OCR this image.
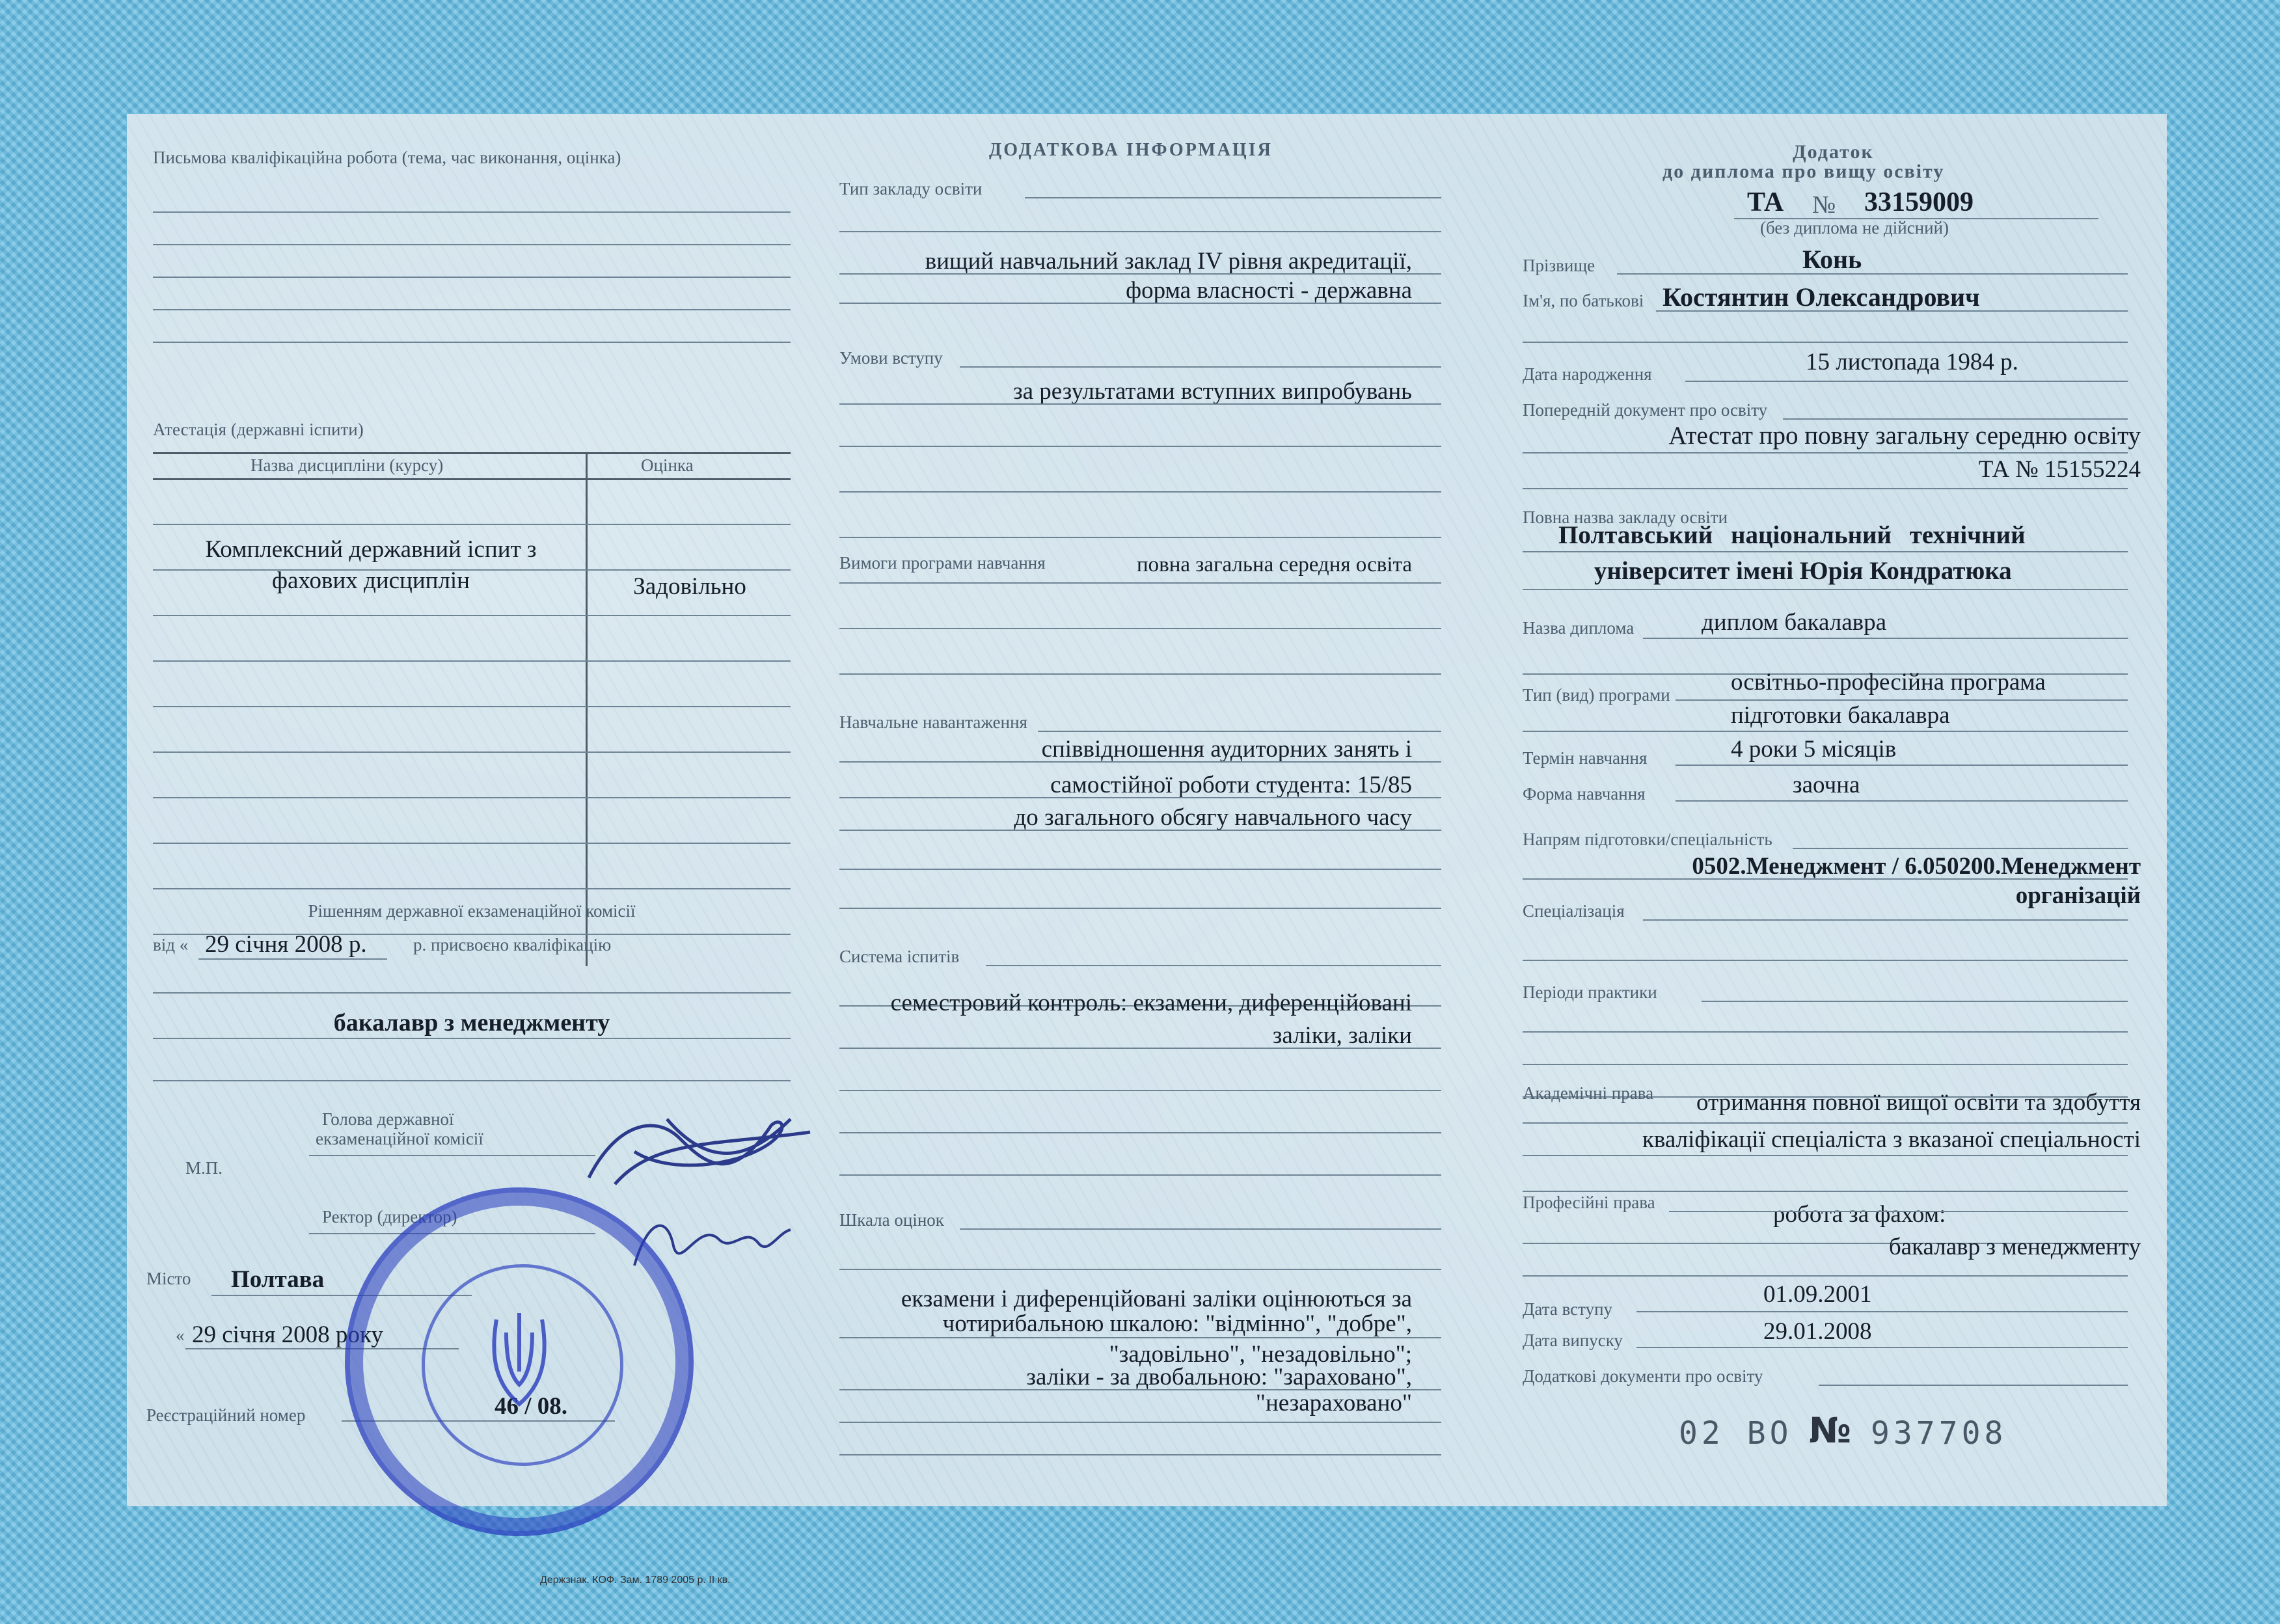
ДОДАТКОВА ІНФОРМАЦІЯ	Додаток
до диплома про вищу освіту
ТА № 33159009
(без диплома не дійсний)
Письмова кваліфікаційна робота (тема, час виконання, оцінка)
Атестація (державні іспити)
Назва дисципліни (курсу)	Оцінка
Комплексний державний іспит з
фахових дисциплін	Задовільно
Рішенням державної екзаменаційної комісії
від « 29 січня 2008 р.	р. присвоєно кваліфікацію
бакалавр з менеджменту
Голова державної
екзаменаційної комісії
М.П.
Ректор (директор)
Місто Полтава
« 29 січня 2008 року
Реєстраційний номер	46 / 08.
Тип закладу освіти
вищий навчальний заклад IV рівня акредитації,
форма власності - державна
Умови вступу
за результатами вступних випробувань
Вимоги програми навчання	повна загальна середня освіта
Навчальне навантаження
співвідношення аудиторних занять і
самостійної роботи студента: 15/85
до загального обсягу навчального часу
Система іспитів
семестровий контроль: екзамени, диференційовані
заліки, заліки
Шкала оцінок
екзамени і диференційовані заліки оцінюються за
чотирибальною шкалою: "відмінно", "добре",
"задовільно", "незадовільно";
заліки - за двобальною: "зараховано",
"незараховано"
Прізвище	Конь
Ім'я, по батькові Костянтин Олександрович
Дата народження	15 листопада 1984 р.
Попередній документ про освіту
Атестат про повну загальну середню освіту
ТА № 15155224
Повна назва закладу освіти
Полтавський національний технічний
університет імені Юрія Кондратюка
Назва диплома	диплом бакалавра
Тип (вид) програми	освітньо-професійна програма
підготовки бакалавра
Термін навчання	4 роки 5 місяців
Форма навчання	заочна
Напрям підготовки/спеціальність
0502.Менеджмент / 6.050200.Менеджмент
організацій
Спеціалізація
Періоди практики
Академічні права	отримання повної вищої освіти та здобуття
кваліфікації спеціаліста з вказаної спеціальності
Професійні права	робота за фахом:
бакалавр з менеджменту
Дата вступу
01.09.2001
Дата випуску	29.01.2008
Додаткові документи про освіту
02 ВО № 937708
Держзнак. КОФ. Зам. 1789 2005 р. II кв.
